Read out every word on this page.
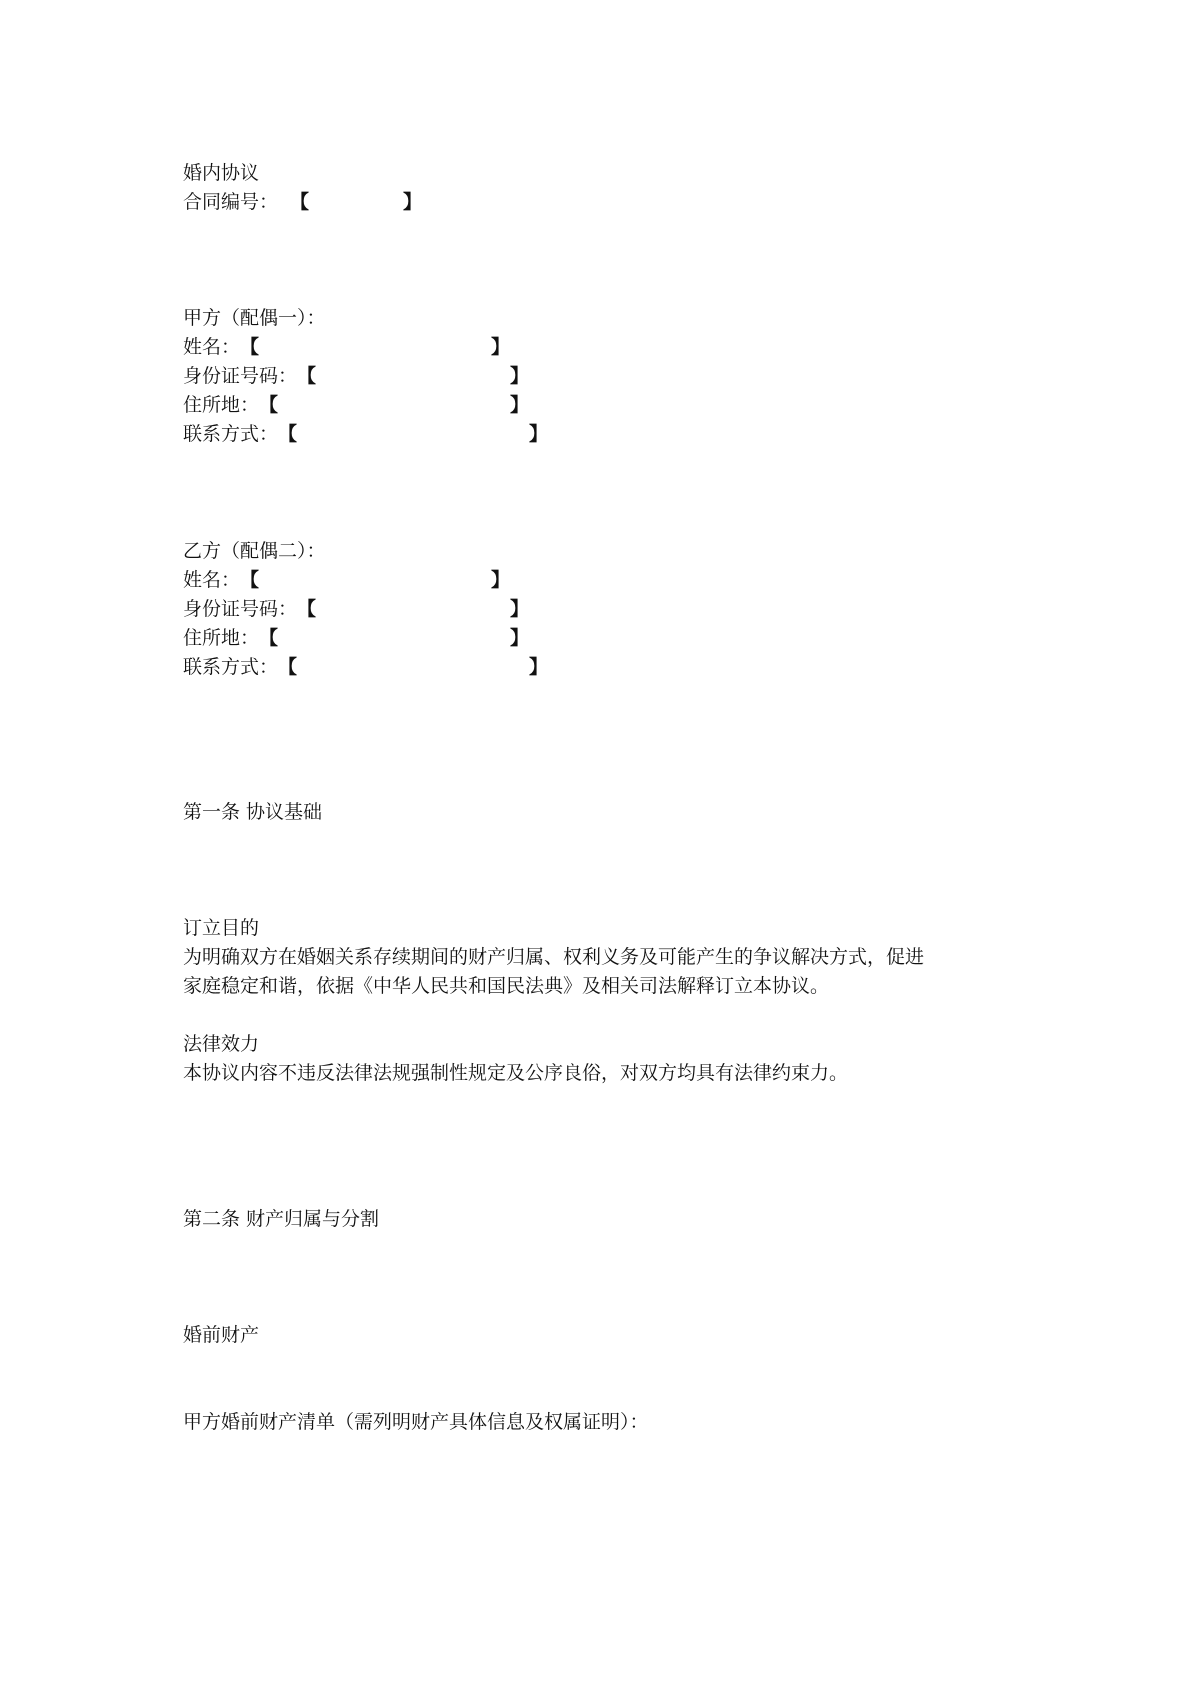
婚内协议
合同编号： 【	】
甲方（配偶一）：
姓名：【	】
身份证号码：【	】
住所地：【	】
联系方式：【	】
乙方（配偶二）：
姓名：【	】
身份证号码：【	】
住所地：【	】
联系方式：【	】
第一条 协议基础
订立目的
为明确双方在婚姻关系存续期间的财产归属、权利义务及可能产生的争议解决方式，促进
家庭稳定和谐，依据《中华人民共和国民法典》及相关司法解释订立本协议。
法律效力
本协议内容不违反法律法规强制性规定及公序良俗，对双方均具有法律约束力。
第二条 财产归属与分割
婚前财产
甲方婚前财产清单（需列明财产具体信息及权属证明）：
